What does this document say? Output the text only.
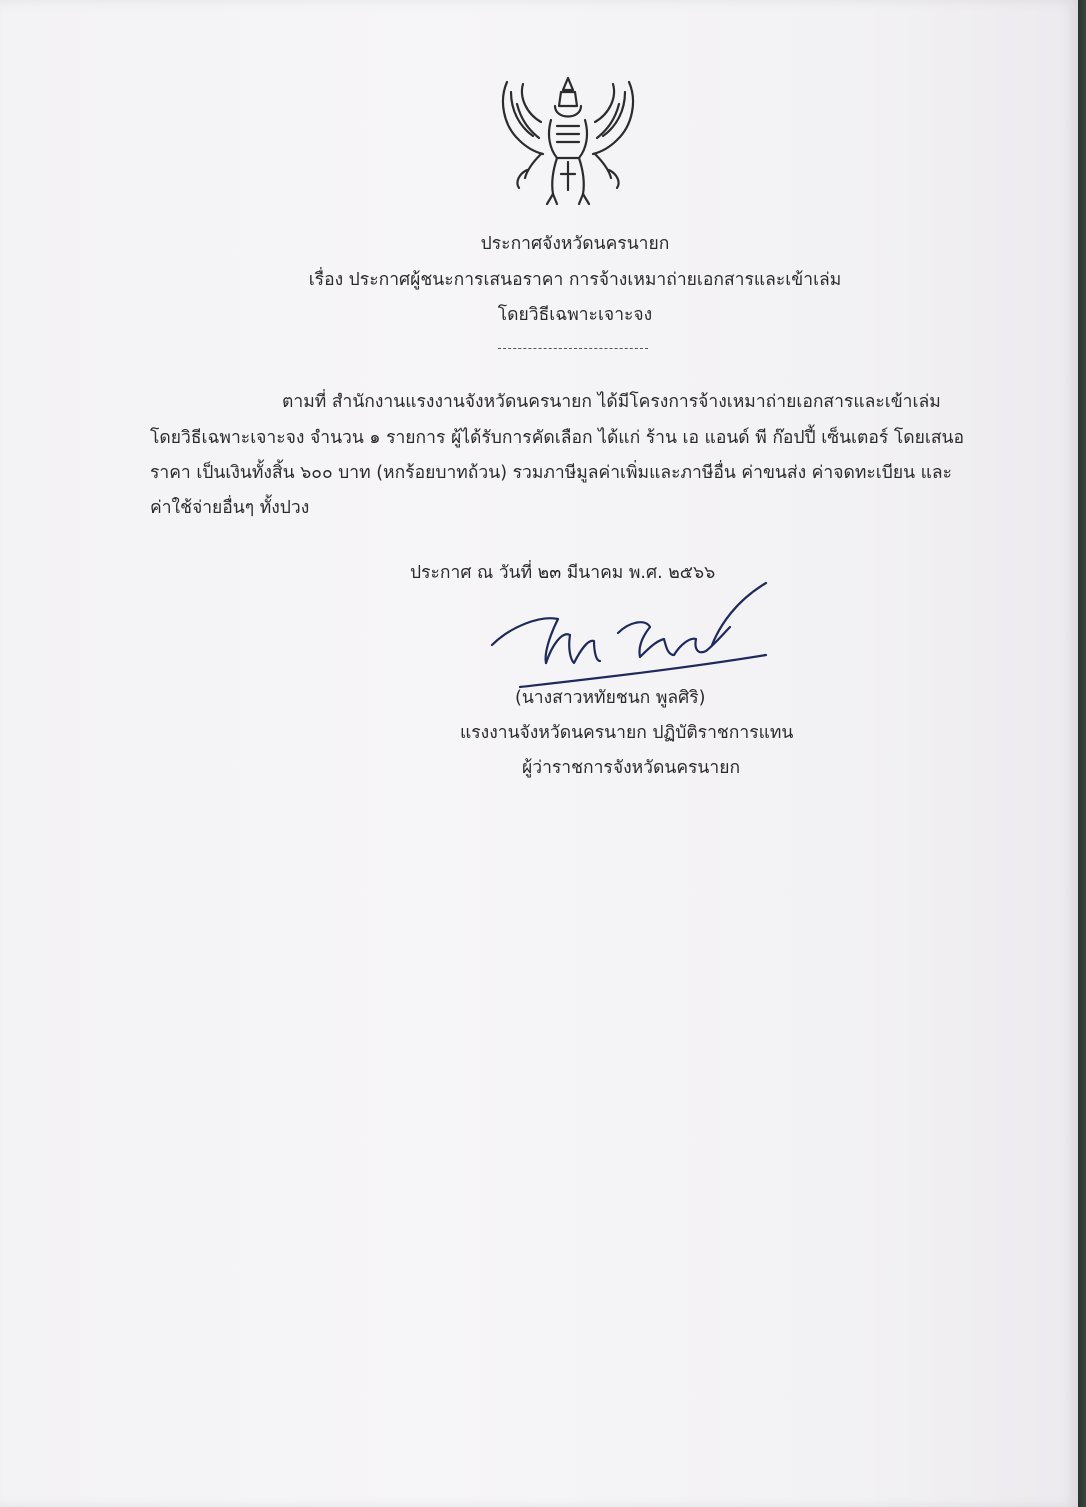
ประกาศจังหวัดนครนายก
เรื่อง ประกาศผู้ชนะการเสนอราคา การจ้างเหมาถ่ายเอกสารและเข้าเล่ม
โดยวิธีเฉพาะเจาะจง
ตามที่ สำนักงานแรงงานจังหวัดนครนายก ได้มีโครงการจ้างเหมาถ่ายเอกสารและเข้าเล่ม
โดยวิธีเฉพาะเจาะจง จำนวน ๑ รายการ ผู้ได้รับการคัดเลือก ได้แก่ ร้าน เอ แอนด์ พี ก๊อปปี้ เซ็นเตอร์ โดยเสนอ
ราคา เป็นเงินทั้งสิ้น ๖๐๐ บาท (หกร้อยบาทถ้วน) รวมภาษีมูลค่าเพิ่มและภาษีอื่น ค่าขนส่ง ค่าจดทะเบียน และ
ค่าใช้จ่ายอื่นๆ ทั้งปวง
ประกาศ ณ วันที่ ๒๓ มีนาคม พ.ศ. ๒๕๖๖
(นางสาวหทัยชนก พูลศิริ)
แรงงานจังหวัดนครนายก ปฏิบัติราชการแทน
ผู้ว่าราชการจังหวัดนครนายก
